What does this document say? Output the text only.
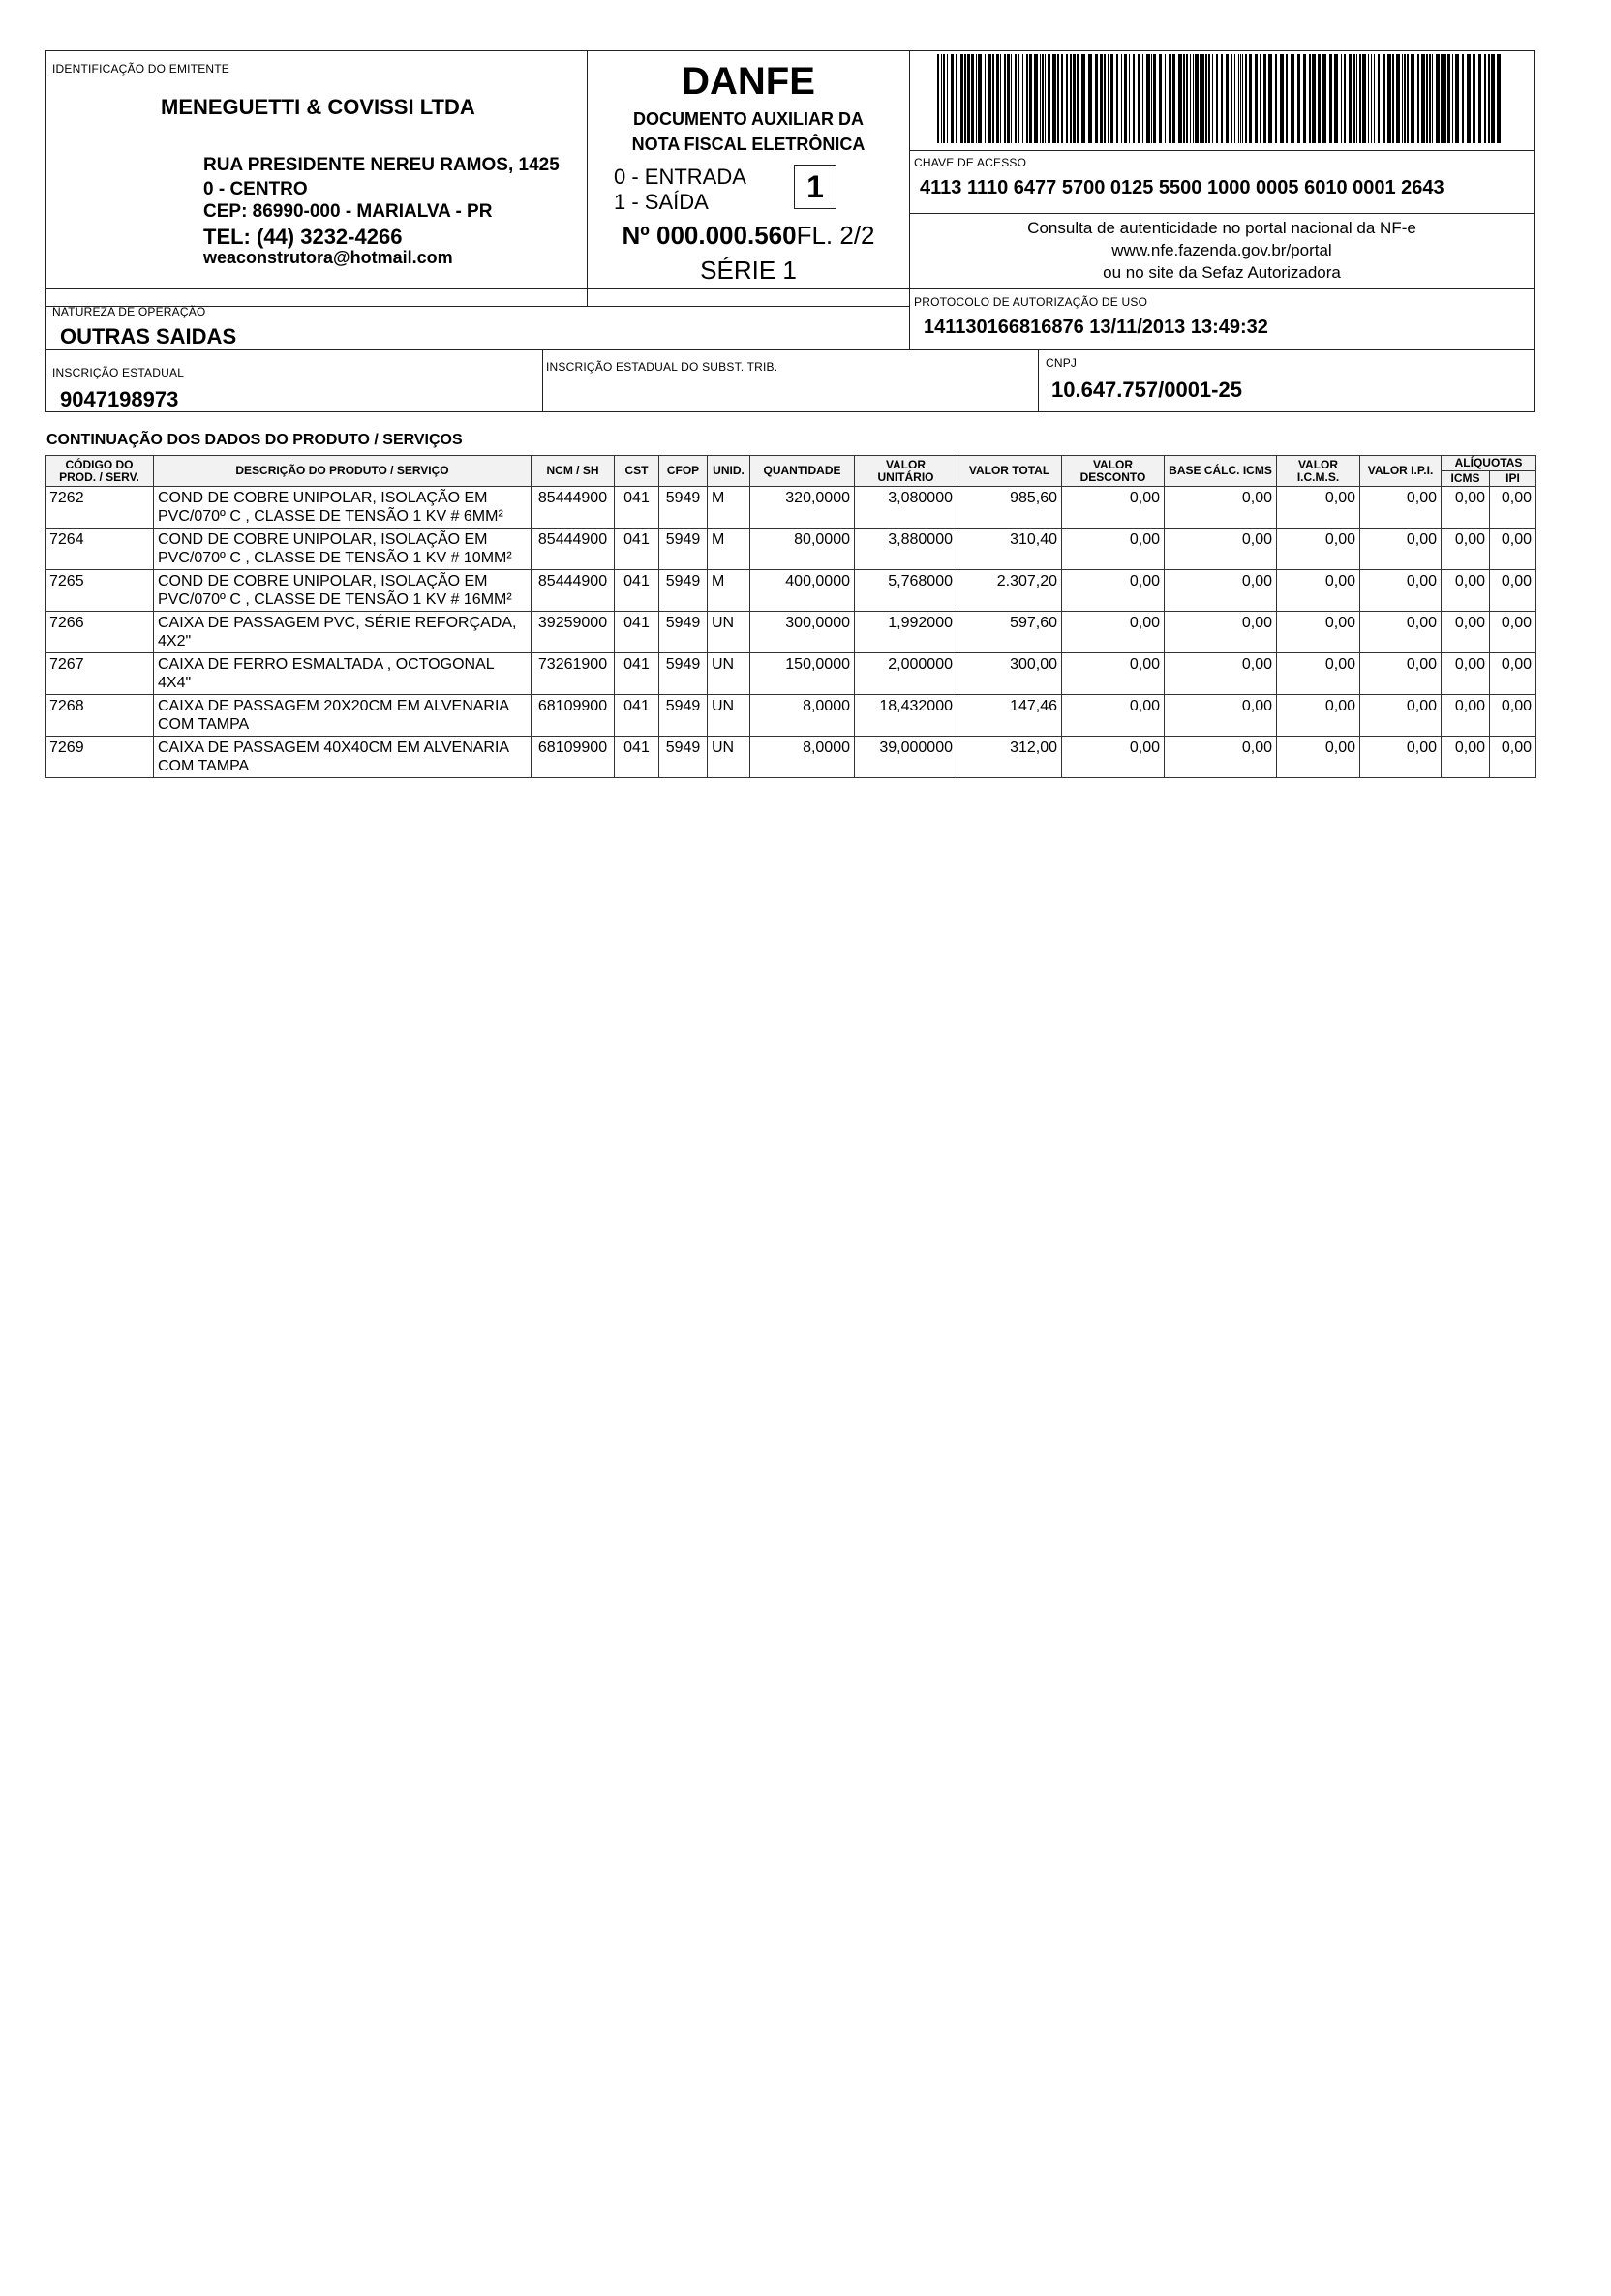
IDENTIFICAÇÃO DO EMITENTE
MENEGUETTI & COVISSI LTDA
RUA PRESIDENTE NEREU RAMOS, 1425
0 - CENTRO
CEP: 86990-000 - MARIALVA - PR
TEL: (44) 3232-4266
weaconstrutora@hotmail.com
DANFE
DOCUMENTO AUXILIAR DA
NOTA FISCAL ELETRÔNICA
0 - ENTRADA
1 - SAÍDA	1
Nº 000.000.560FL. 2/2
SÉRIE 1
CHAVE DE ACESSO
4113 1110 6477 5700 0125 5500 1000 0005 6010 0001 2643
Consulta de autenticidade no portal nacional da NF-e
www.nfe.fazenda.gov.br/portal
ou no site da Sefaz Autorizadora
NATUREZA DE OPERAÇÃO
OUTRAS SAIDAS
PROTOCOLO DE AUTORIZAÇÃO DE USO
141130166816876 13/11/2013 13:49:32
INSCRIÇÃO ESTADUAL
9047198973
INSCRIÇÃO ESTADUAL DO SUBST. TRIB.	CNPJ
10.647.757/0001-25
CONTINUAÇÃO DOS DADOS DO PRODUTO / SERVIÇOS
CÓDIGO DO PROD. / SERV.	DESCRIÇÃO DO PRODUTO / SERVIÇO	NCM / SH	CST	CFOP	UNID.	QUANTIDADE	VALOR UNITÁRIO	VALOR TOTAL	VALOR DESCONTO	BASE CÁLC. ICMS	VALOR I.C.M.S.	VALOR I.P.I.	ALÍQUOTAS	
													ICMS	IPI
7262	COND DE COBRE UNIPOLAR, ISOLAÇÃO EM PVC/070º C , CLASSE DE TENSÃO 1 KV # 6MM²	85444900	041	5949	M	320,0000	3,080000	985,60	0,00	0,00	0,00	0,00	0,00	0,00
7264	COND DE COBRE UNIPOLAR, ISOLAÇÃO EM PVC/070º C , CLASSE DE TENSÃO 1 KV # 10MM²	85444900	041	5949	M	80,0000	3,880000	310,40	0,00	0,00	0,00	0,00	0,00	0,00
7265	COND DE COBRE UNIPOLAR, ISOLAÇÃO EM PVC/070º C , CLASSE DE TENSÃO 1 KV # 16MM²	85444900	041	5949	M	400,0000	5,768000	2.307,20	0,00	0,00	0,00	0,00	0,00	0,00
7266	CAIXA DE PASSAGEM PVC, SÉRIE REFORÇADA, 4X2"	39259000	041	5949	UN	300,0000	1,992000	597,60	0,00	0,00	0,00	0,00	0,00	0,00
7267	CAIXA DE FERRO ESMALTADA , OCTOGONAL 4X4"	73261900	041	5949	UN	150,0000	2,000000	300,00	0,00	0,00	0,00	0,00	0,00	0,00
7268	CAIXA DE PASSAGEM 20X20CM EM ALVENARIA COM TAMPA	68109900	041	5949	UN	8,0000	18,432000	147,46	0,00	0,00	0,00	0,00	0,00	0,00
7269	CAIXA DE PASSAGEM 40X40CM EM ALVENARIA COM TAMPA	68109900	041	5949	UN	8,0000	39,000000	312,00	0,00	0,00	0,00	0,00	0,00	0,00
